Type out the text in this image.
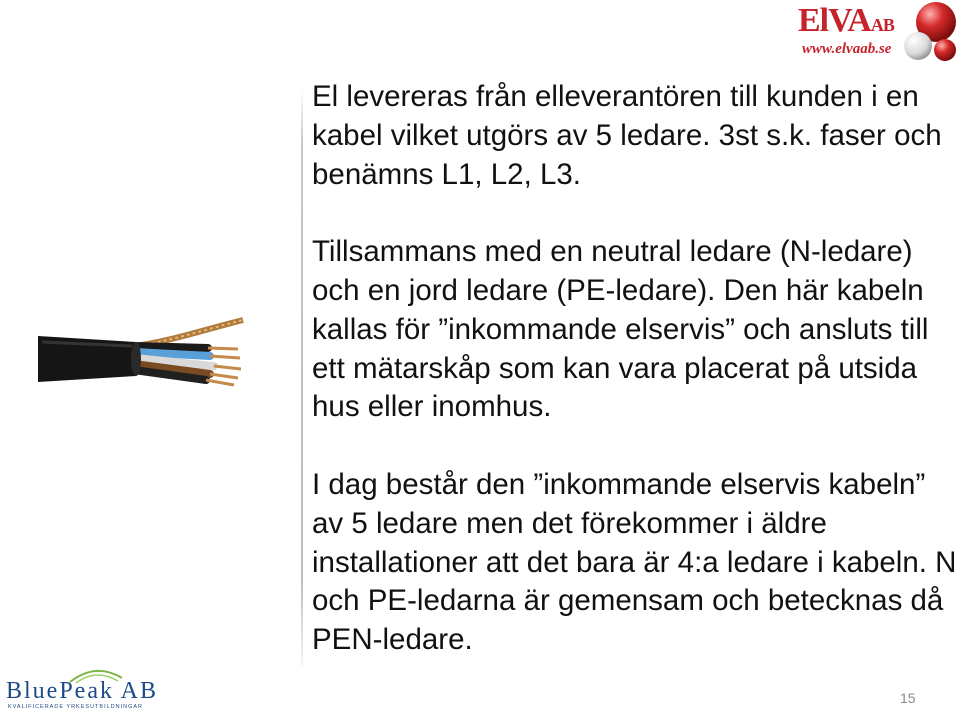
El levereras från elleverantören till kunden i en kabel vilket utgörs av 5 ledare. 3st s.k. faser och benämns L1, L2, L3.

Tillsammans med en neutral ledare (N-ledare) och en jord ledare (PE-ledare). Den här kabeln kallas för ”inkommande elservis” och ansluts till ett mätarskåp som kan vara placerat på utsida hus eller inomhus.

I dag består den ”inkommande elservis kabeln” av 5 ledare men det förekommer i äldre installationer att det bara är 4:a ledare i kabeln. N och PE-ledarna är gemensam och betecknas då PEN-ledare.

ElVAAB
www.elvaab.se
BluePeak AB
KVALIFICERADE YRKESUTBILDNINGAR
15
